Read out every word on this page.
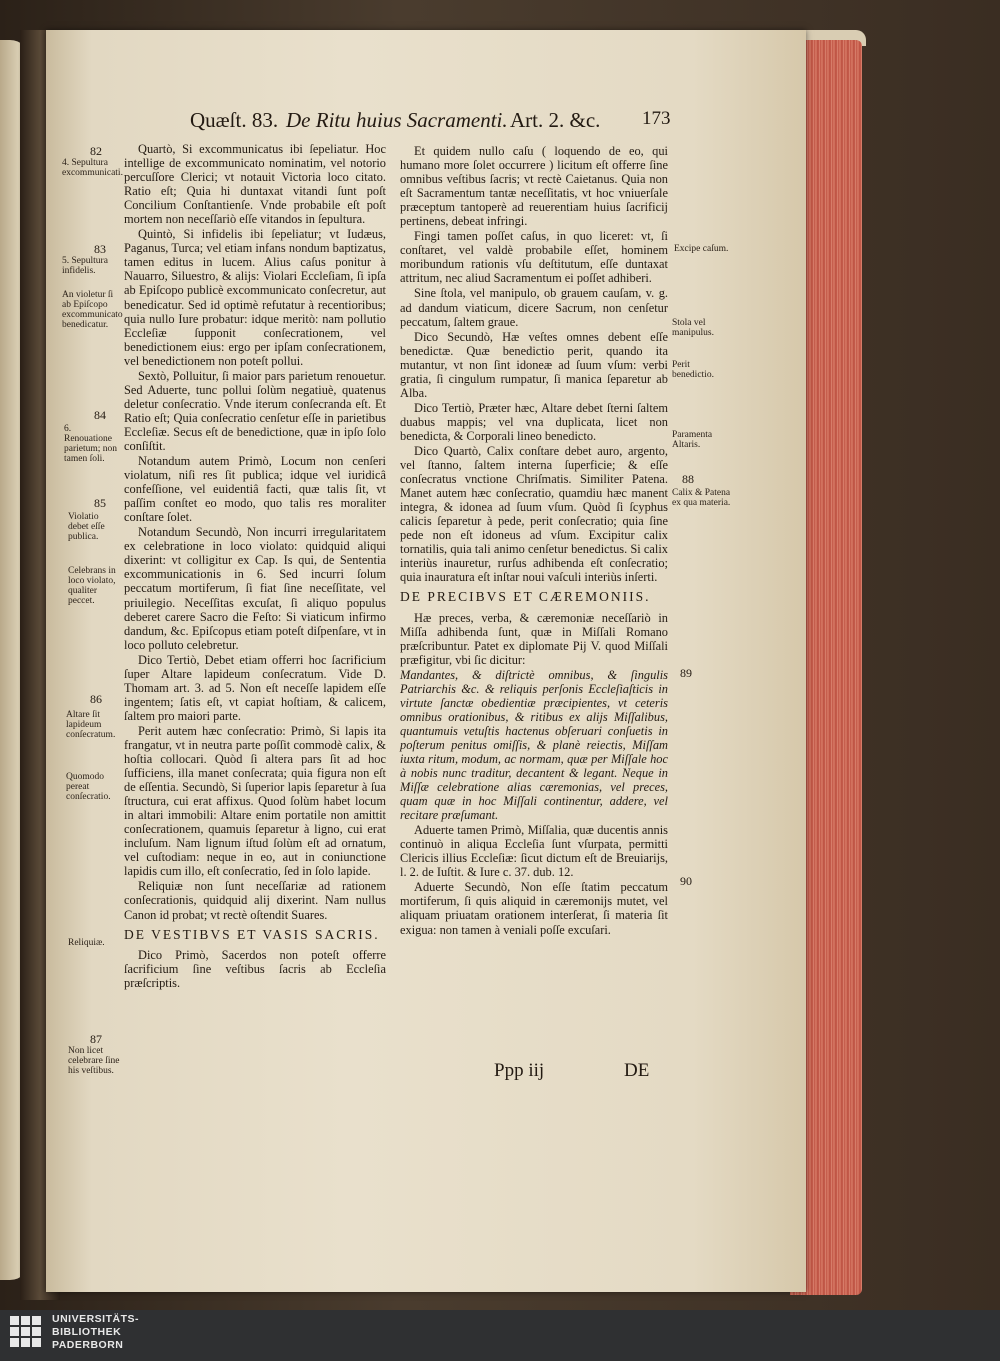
Quæſt. 83. De Ritu huius Sacramenti. Art. 2. &c. 173
82
4. Sepultura excommunicati.
83
5. Sepultura infidelis.
An violetur ſi ab Epiſcopo excommunicato benedicatur.
84
6. Renouatione parietum; non tamen ſoli.
85
Violatio debet eſſe publica.
Celebrans in loco violato, qualiter peccet.
86
Altare ſit lapideum conſecratum.
Quomodo pereat conſecratio.
Reliquiæ.
87
Non licet celebrare ſine his veſtibus.
Excipe caſum.
Stola vel manipulus.
Perit benedictio.
Paramenta Altaris.
88
Calix & Patena ex qua materia.
89
90

Quartò, Si excommunicatus ibi ſepeliatur. Hoc intellige de excommunicato nominatim, vel notorio percuſſore Clerici; vt notauit Victoria loco citato. Ratio eſt; Quia hi duntaxat vitandi ſunt poſt Concilium Conſtantienſe. Vnde probabile eſt poſt mortem non neceſſariò eſſe vitandos in ſepultura.

Quintò, Si infidelis ibi ſepeliatur; vt Iudæus, Paganus, Turca; vel etiam infans nondum baptizatus, tamen editus in lucem. Alius caſus ponitur à Nauarro, Siluestro, & alijs: Violari Eccleſiam, ſi ipſa ab Epiſcopo publicè excommunicato conſecretur, aut benedicatur. Sed id optimè refutatur à recentioribus; quia nullo Iure probatur: idque meritò: nam pollutio Eccleſiæ ſupponit conſecrationem, vel benedictionem eius: ergo per ipſam conſecrationem, vel benedictionem non poteſt pollui.

Sextò, Polluitur, ſi maior pars parietum renouetur. Sed Aduerte, tunc pollui ſolùm negatiuè, quatenus deletur conſecratio. Vnde iterum conſecranda eſt. Et Ratio eſt; Quia conſecratio cenſetur eſſe in parietibus Eccleſiæ. Secus eſt de benedictione, quæ in ipſo ſolo conſiſtit.

Notandum autem Primò, Locum non cenſeri violatum, niſi res ſit publica; idque vel iuridicâ confeſſione, vel euidentiâ facti, quæ talis ſit, vt paſſim conſtet eo modo, quo talis res moraliter conſtare ſolet.

Notandum Secundò, Non incurri irregularitatem ex celebratione in loco violato: quidquid aliqui dixerint: vt colligitur ex Cap. Is qui, de Sententia excommunicationis in 6. Sed incurri ſolum peccatum mortiferum, ſi fiat ſine neceſſitate, vel priuilegio. Neceſſitas excuſat, ſi aliquo populus deberet carere Sacro die Feſto: Si viaticum infirmo dandum, &c. Epiſcopus etiam poteſt diſpenſare, vt in loco polluto celebretur.

Dico Tertiò, Debet etiam offerri hoc ſacrificium ſuper Altare lapideum conſecratum. Vide D. Thomam art. 3. ad 5. Non eſt neceſſe lapidem eſſe ingentem; ſatis eſt, vt capiat hoſtiam, & calicem, ſaltem pro maiori parte.

Perit autem hæc conſecratio: Primò, Si lapis ita frangatur, vt in neutra parte poſſit commodè calix, & hoſtia collocari. Quòd ſi altera pars ſit ad hoc ſufficiens, illa manet conſecrata; quia figura non eſt de eſſentia. Secundò, Si ſuperior lapis ſeparetur à ſua ſtructura, cui erat affixus. Quod ſolùm habet locum in altari immobili: Altare enim portatile non amittit conſecrationem, quamuis ſeparetur à ligno, cui erat incluſum. Nam lignum iſtud ſolùm eſt ad ornatum, vel cuſtodiam: neque in eo, aut in coniunctione lapidis cum illo, eſt conſecratio, ſed in ſolo lapide.

Reliquiæ non ſunt neceſſariæ ad rationem conſecrationis, quidquid alij dixerint. Nam nullus Canon id probat; vt rectè oſtendit Suares.

DE VESTIBVS ET VASIS SACRIS.

Dico Primò, Sacerdos non poteſt offerre ſacrificium ſine veſtibus ſacris ab Eccleſia præſcriptis.

Et quidem nullo caſu ( loquendo de eo, qui humano more ſolet occurrere ) licitum eſt offerre ſine omnibus veſtibus ſacris; vt rectè Caietanus. Quia non eſt Sacramentum tantæ neceſſitatis, vt hoc vniuerſale præceptum tantoperè ad reuerentiam huius ſacrificij pertinens, debeat infringi.

Fingi tamen poſſet caſus, in quo liceret: vt, ſi conſtaret, vel valdè probabile eſſet, hominem moribundum rationis vſu deſtitutum, eſſe duntaxat attritum, nec aliud Sacramentum ei poſſet adhiberi.

Sine ſtola, vel manipulo, ob grauem cauſam, v. g. ad dandum viaticum, dicere Sacrum, non cenſetur peccatum, ſaltem graue.

Dico Secundò, Hæ veſtes omnes debent eſſe benedictæ. Quæ benedictio perit, quando ita mutantur, vt non ſint idoneæ ad ſuum vſum: verbi gratia, ſi cingulum rumpatur, ſi manica ſeparetur ab Alba.

Dico Tertiò, Præter hæc, Altare debet ſterni ſaltem duabus mappis; vel vna duplicata, licet non benedicta, & Corporali lineo benedicto.

Dico Quartò, Calix conſtare debet auro, argento, vel ſtanno, ſaltem interna ſuperficie; & eſſe conſecratus vnctione Chriſmatis. Similiter Patena. Manet autem hæc conſecratio, quamdiu hæc manent integra, & idonea ad ſuum vſum. Quòd ſi ſcyphus calicis ſeparetur à pede, perit conſecratio; quia ſine pede non eſt idoneus ad vſum. Excipitur calix tornatilis, quia tali animo cenſetur benedictus. Si calix interiùs inauretur, rurſus adhibenda eſt conſecratio; quia inauratura eſt inſtar noui vaſculi interiùs inſerti.

DE PRECIBVS ET CÆREMONIIS.

Hæ preces, verba, & cæremoniæ neceſſariò in Miſſa adhibenda ſunt, quæ in Miſſali Romano præſcribuntur. Patet ex diplomate Pij V. quod Miſſali præfigitur, vbi ſic dicitur:

Mandantes, & diſtrictè omnibus, & ſingulis Patriarchis &c. & reliquis perſonis Eccleſiaſticis in virtute ſanctæ obedientiæ præcipientes, vt ceteris omnibus orationibus, & ritibus ex alijs Miſſalibus, quantumuis vetuſtis hactenus obſeruari conſuetis in poſterum penitus omiſſis, & planè reiectis, Miſſam iuxta ritum, modum, ac normam, quæ per Miſſale hoc à nobis nunc traditur, decantent & legant. Neque in Miſſæ celebratione alias cæremonias, vel preces, quam quæ in hoc Miſſali continentur, addere, vel recitare præſumant.

Aduerte tamen Primò, Miſſalia, quæ ducentis annis continuò in aliqua Eccleſia ſunt vſurpata, permitti Clericis illius Eccleſiæ: ſicut dictum eſt de Breuiarijs, l. 2. de Iuſtit. & Iure c. 37. dub. 12.

Aduerte Secundò, Non eſſe ſtatim peccatum mortiferum, ſi quis aliquid in cæremonijs mutet, vel aliquam priuatam orationem interſerat, ſi materia ſit exigua: non tamen à veniali poſſe excuſari.

Ppp iij	DE
UNIVERSITÄTS-
BIBLIOTHEK
PADERBORN
